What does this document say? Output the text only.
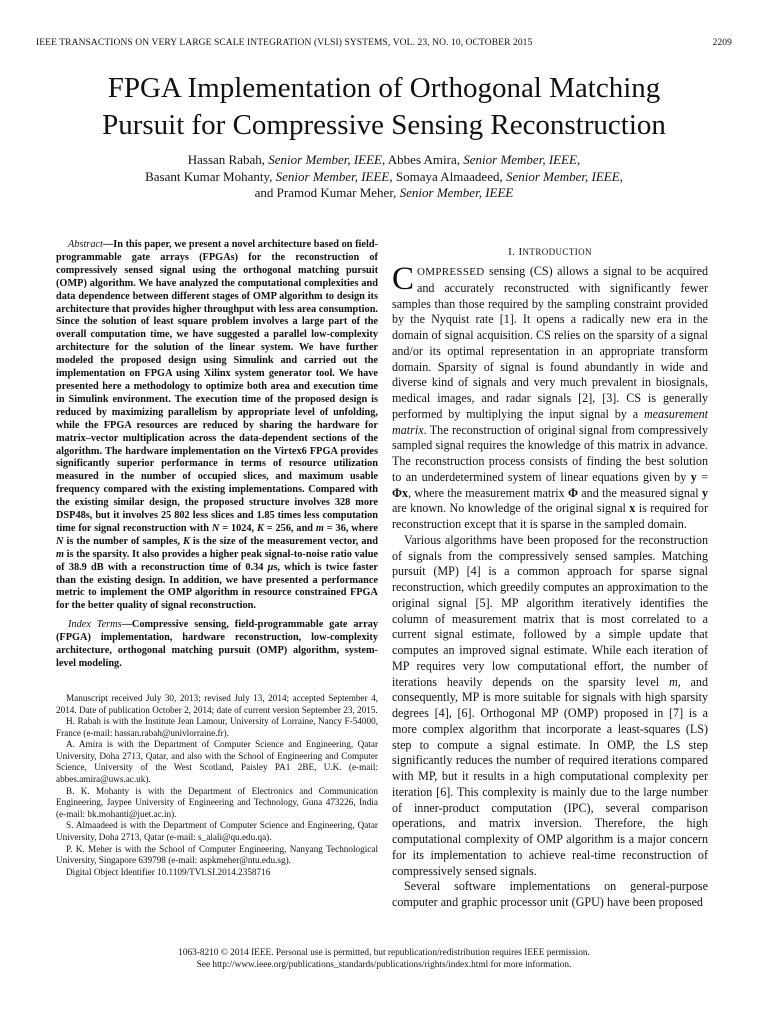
IEEE TRANSACTIONS ON VERY LARGE SCALE INTEGRATION (VLSI) SYSTEMS, VOL. 23, NO. 10, OCTOBER 2015	2209
FPGA Implementation of Orthogonal Matching
Pursuit for Compressive Sensing Reconstruction
Hassan Rabah, Senior Member, IEEE, Abbes Amira, Senior Member, IEEE,
Basant Kumar Mohanty, Senior Member, IEEE, Somaya Almaadeed, Senior Member, IEEE,
and Pramod Kumar Meher, Senior Member, IEEE

Abstract—In this paper, we present a novel architecture based on field-programmable gate arrays (FPGAs) for the reconstruction of compressively sensed signal using the orthogonal matching pursuit (OMP) algorithm. We have analyzed the computational complexities and data dependence between different stages of OMP algorithm to design its architecture that provides higher throughput with less area consumption. Since the solution of least square problem involves a large part of the overall computation time, we have suggested a parallel low-complexity architecture for the solution of the linear system. We have further modeled the proposed design using Simulink and carried out the implementation on FPGA using Xilinx system generator tool. We have presented here a methodology to optimize both area and execution time in Simulink environment. The execution time of the proposed design is reduced by maximizing parallelism by appropriate level of unfolding, while the FPGA resources are reduced by sharing the hardware for matrix–vector multiplication across the data-dependent sections of the algorithm. The hardware implementation on the Virtex6 FPGA provides significantly superior performance in terms of resource utilization measured in the number of occupied slices, and maximum usable frequency compared with the existing implementations. Compared with the existing similar design, the proposed structure involves 328 more DSP48s, but it involves 25 802 less slices and 1.85 times less computation time for signal reconstruction with N = 1024, K = 256, and m = 36, where N is the number of samples, K is the size of the measurement vector, and m is the sparsity. It also provides a higher peak signal-to-noise ratio value of 38.9 dB with a reconstruction time of 0.34 μs, which is twice faster than the existing design. In addition, we have presented a performance metric to implement the OMP algorithm in resource constrained FPGA for the better quality of signal reconstruction.

Index Terms—Compressive sensing, field-programmable gate array (FPGA) implementation, hardware reconstruction, low-complexity architecture, orthogonal matching pursuit (OMP) algorithm, system-level modeling.

Manuscript received July 30, 2013; revised July 13, 2014; accepted September 4, 2014. Date of publication October 2, 2014; date of current version September 23, 2015.

H. Rabah is with the Institute Jean Lamour, University of Lorraine, Nancy F-54000, France (e-mail: hassan.rabah@univlorraine.fr).

A. Amira is with the Department of Computer Science and Engineering, Qatar University, Doha 2713, Qatar, and also with the School of Engineering and Computer Science, University of the West Scotland, Paisley PA1 2BE, U.K. (e-mail: abbes.amira@uws.ac.uk).

B. K. Mohanty is with the Department of Electronics and Communication Engineering, Jaypee University of Engineering and Technology, Guna 473226, India (e-mail: bk.mohanti@juet.ac.in).

S. Almaadeed is with the Department of Computer Science and Engineering, Qatar University, Doha 2713, Qatar (e-mail: s_alali@qu.edu.qa).

P. K. Meher is with the School of Computer Engineering, Nanyang Technological University, Singapore 639798 (e-mail: aspkmeher@ntu.edu.sg).

Digital Object Identifier 10.1109/TVLSI.2014.2358716

I. INTRODUCTION

COMPRESSED sensing (CS) allows a signal to be acquired and accurately reconstructed with significantly fewer samples than those required by the sampling constraint provided by the Nyquist rate [1]. It opens a radically new era in the domain of signal acquisition. CS relies on the sparsity of a signal and/or its optimal representation in an appropriate transform domain. Sparsity of signal is found abundantly in wide and diverse kind of signals and very much prevalent in biosignals, medical images, and radar signals [2], [3]. CS is generally performed by multiplying the input signal by a measurement matrix. The reconstruction of original signal from compressively sampled signal requires the knowledge of this matrix in advance. The reconstruction process consists of finding the best solution to an underdetermined system of linear equations given by y = Φx, where the measurement matrix Φ and the measured signal y are known. No knowledge of the original signal x is required for reconstruction except that it is sparse in the sampled domain.

Various algorithms have been proposed for the reconstruction of signals from the compressively sensed samples. Matching pursuit (MP) [4] is a common approach for sparse signal reconstruction, which greedily computes an approximation to the original signal [5]. MP algorithm iteratively identifies the column of measurement matrix that is most correlated to a current signal estimate, followed by a simple update that computes an improved signal estimate. While each iteration of MP requires very low computational effort, the number of iterations heavily depends on the sparsity level m, and consequently, MP is more suitable for signals with high sparsity degrees [4], [6]. Orthogonal MP (OMP) proposed in [7] is a more complex algorithm that incorporate a least-squares (LS) step to compute a signal estimate. In OMP, the LS step significantly reduces the number of required iterations compared with MP, but it results in a high computational complexity per iteration [6]. This complexity is mainly due to the large number of inner-product computation (IPC), several comparison operations, and matrix inversion. Therefore, the high computational complexity of OMP algorithm is a major concern for its implementation to achieve real-time reconstruction of compressively sensed signals.

Several software implementations on general-purpose computer and graphic processor unit (GPU) have been proposed

1063-8210 © 2014 IEEE. Personal use is permitted, but republication/redistribution requires IEEE permission.
See http://www.ieee.org/publications_standards/publications/rights/index.html for more information.
